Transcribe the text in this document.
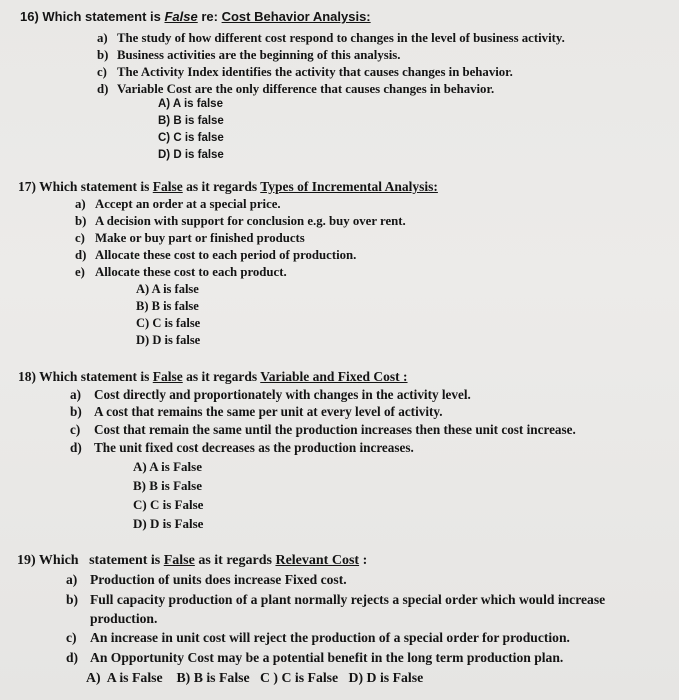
16) Which statement is False re: Cost Behavior Analysis:
a) The study of how different cost respond to changes in the level of business activity.
b) Business activities are the beginning of this analysis.
c) The Activity Index identifies the activity that causes changes in behavior.
d) Variable Cost are the only difference that causes changes in behavior.
A) A is false
B) B is false
C) C is false
D) D is false
17) Which statement is False as it regards Types of Incremental Analysis:
a) Accept an order at a special price.
b) A decision with support for conclusion e.g. buy over rent.
c) Make or buy part or finished products
d) Allocate these cost to each period of production.
e) Allocate these cost to each product.
A) A is false
B) B is false
C) C is false
D) D is false
18) Which statement is False as it regards Variable and Fixed Cost :
a) Cost directly and proportionately with changes in the activity level.
b) A cost that remains the same per unit at every level of activity.
c) Cost that remain the same until the production increases then these unit cost increase.
d) The unit fixed cost decreases as the production increases.
A) A is False
B) B is False
C) C is False
D) D is False
19) Which   statement is False as it regards Relevant Cost :
a) Production of units does increase Fixed cost.
b) Full capacity production of a plant normally rejects a special order which would increase
production.
c) An increase in unit cost will reject the production of a special order for production.
d) An Opportunity Cost may be a potential benefit in the long term production plan.
A)  A is False    B) B is False   C ) C is False   D) D is False
